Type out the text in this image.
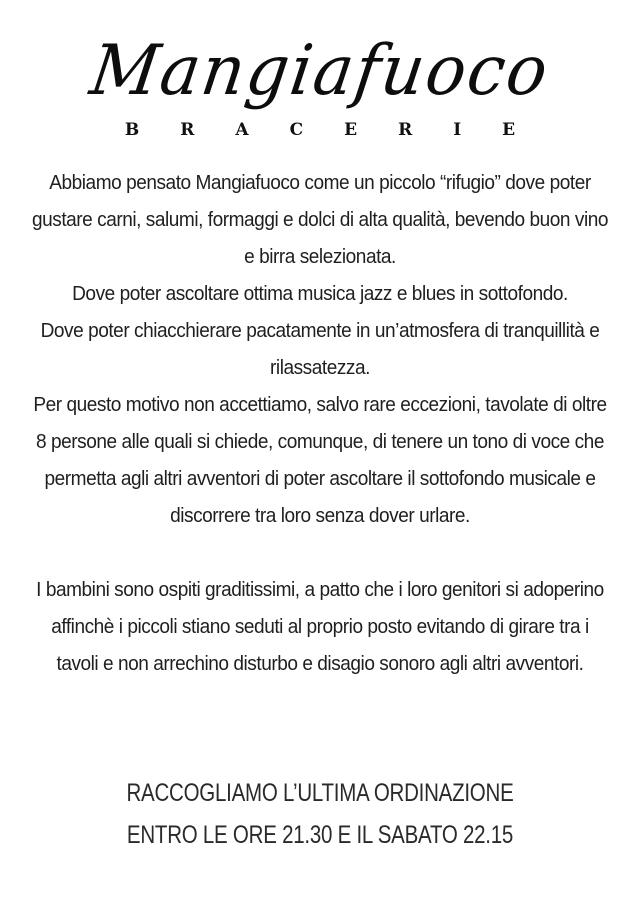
Mangiafuoco
BRACERIE

Abbiamo pensato Mangiafuoco come un piccolo “rifugio” dove poter gustare carni, salumi, formaggi e dolci di alta qualità, bevendo buon vino e birra selezionata.

Dove poter ascoltare ottima musica jazz e blues in sottofondo.

Dove poter chiacchierare pacatamente in un’atmosfera di tranquillità e rilassatezza.

Per questo motivo non accettiamo, salvo rare eccezioni, tavolate di oltre 8 persone alle quali si chiede, comunque, di tenere un tono di voce che permetta agli altri avventori di poter ascoltare il sottofondo musicale e discorrere tra loro senza dover urlare.

I bambini sono ospiti graditissimi, a patto che i loro genitori si adoperino affinchè i piccoli stiano seduti al proprio posto evitando di girare tra i tavoli e non arrechino disturbo e disagio sonoro agli altri avventori.

RACCOGLIAMO L’ULTIMA ORDINAZIONE

ENTRO LE ORE 21.30 E IL SABATO 22.15
